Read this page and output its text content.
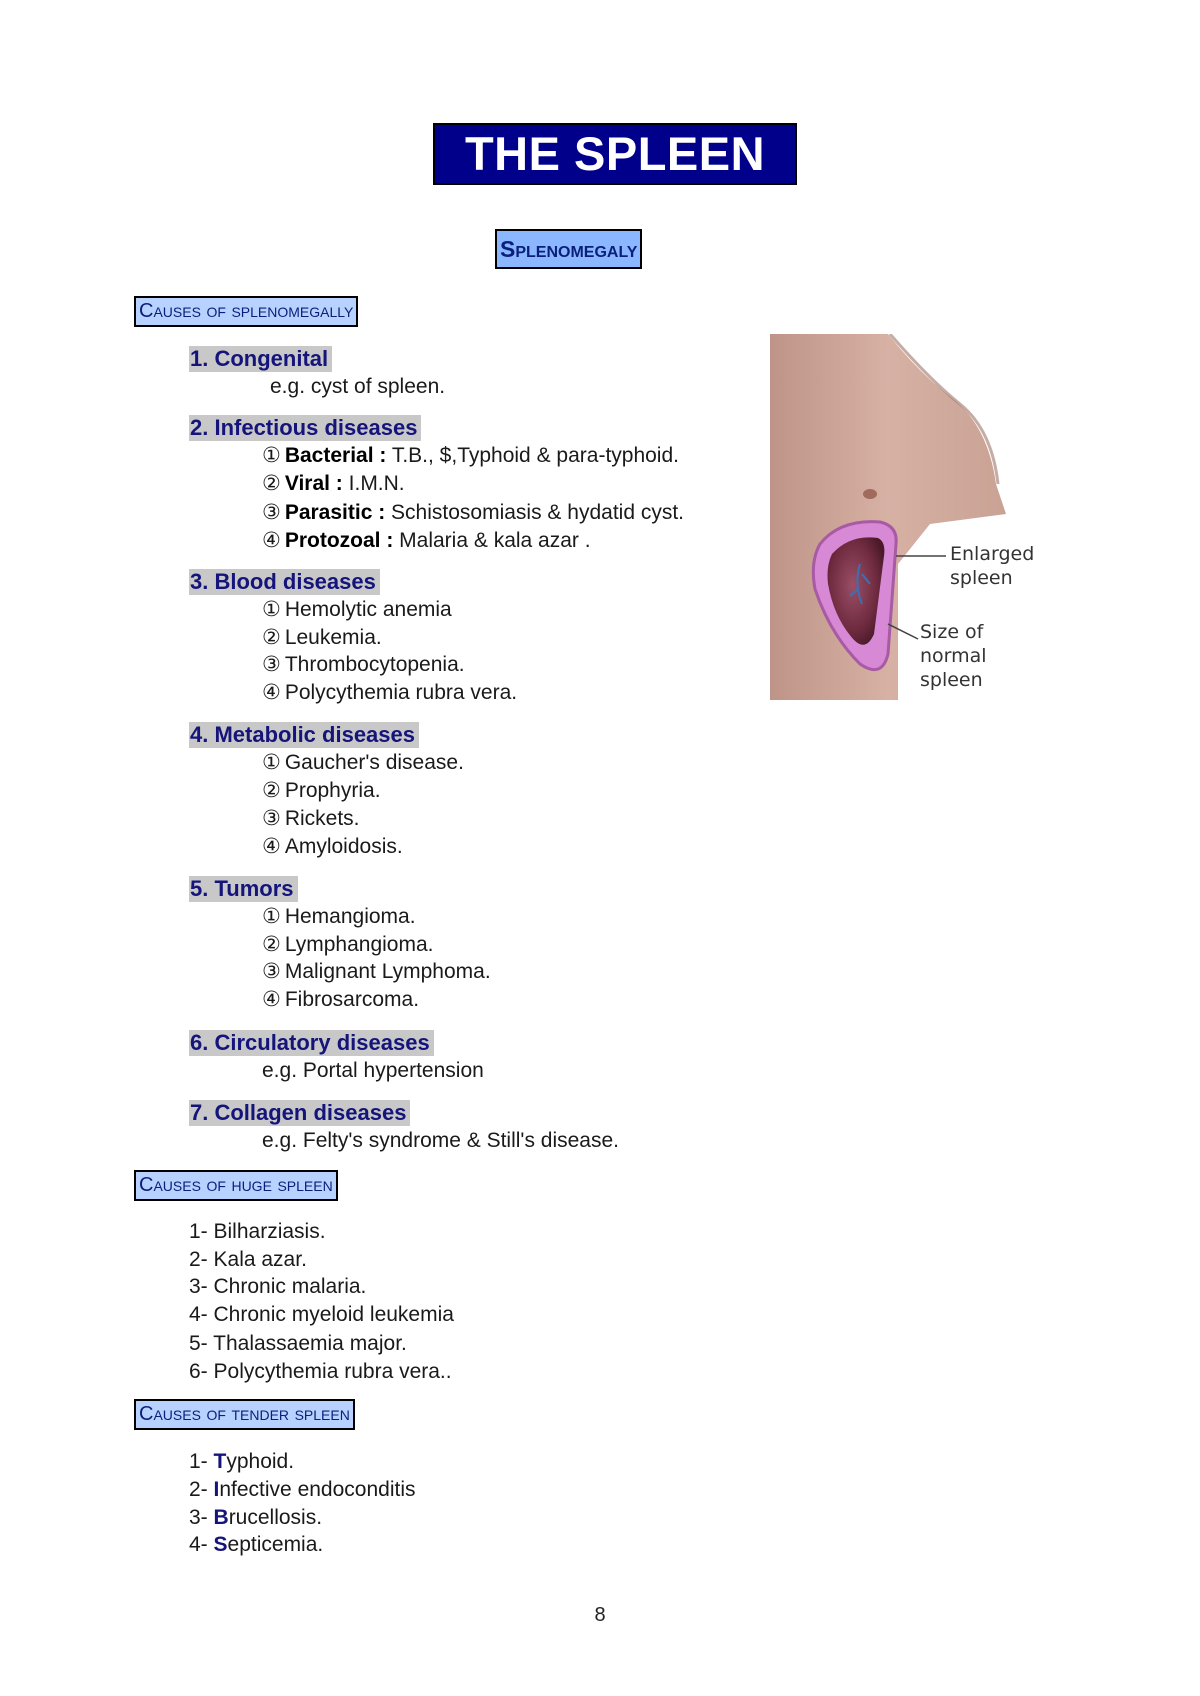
THE SPLEEN
Splenomegaly
Causes of splenomegally
1. Congenital
e.g. cyst of spleen.
2. Infectious diseases
① Bacterial : T.B., $,Typhoid & para-typhoid.
② Viral : I.M.N.
③ Parasitic : Schistosomiasis & hydatid cyst.
④ Protozoal : Malaria & kala azar .
3. Blood diseases
① Hemolytic anemia
② Leukemia.
③ Thrombocytopenia.
④ Polycythemia rubra vera.
4. Metabolic diseases
① Gaucher's disease.
② Prophyria.
③ Rickets.
④ Amyloidosis.
5. Tumors
① Hemangioma.
② Lymphangioma.
③ Malignant Lymphoma.
④ Fibrosarcoma.
6. Circulatory diseases
e.g. Portal hypertension
7. Collagen diseases
e.g. Felty's syndrome & Still's disease.
Causes of huge spleen
1- Bilharziasis.
2- Kala azar.
3- Chronic malaria.
4- Chronic myeloid leukemia
5- Thalassaemia major.
6- Polycythemia rubra vera..
Causes of tender spleen
1- Typhoid.
2- Infective endoconditis
3- Brucellosis.
4- Septicemia.
Enlarged
spleen
Size of
normal
spleen
8
